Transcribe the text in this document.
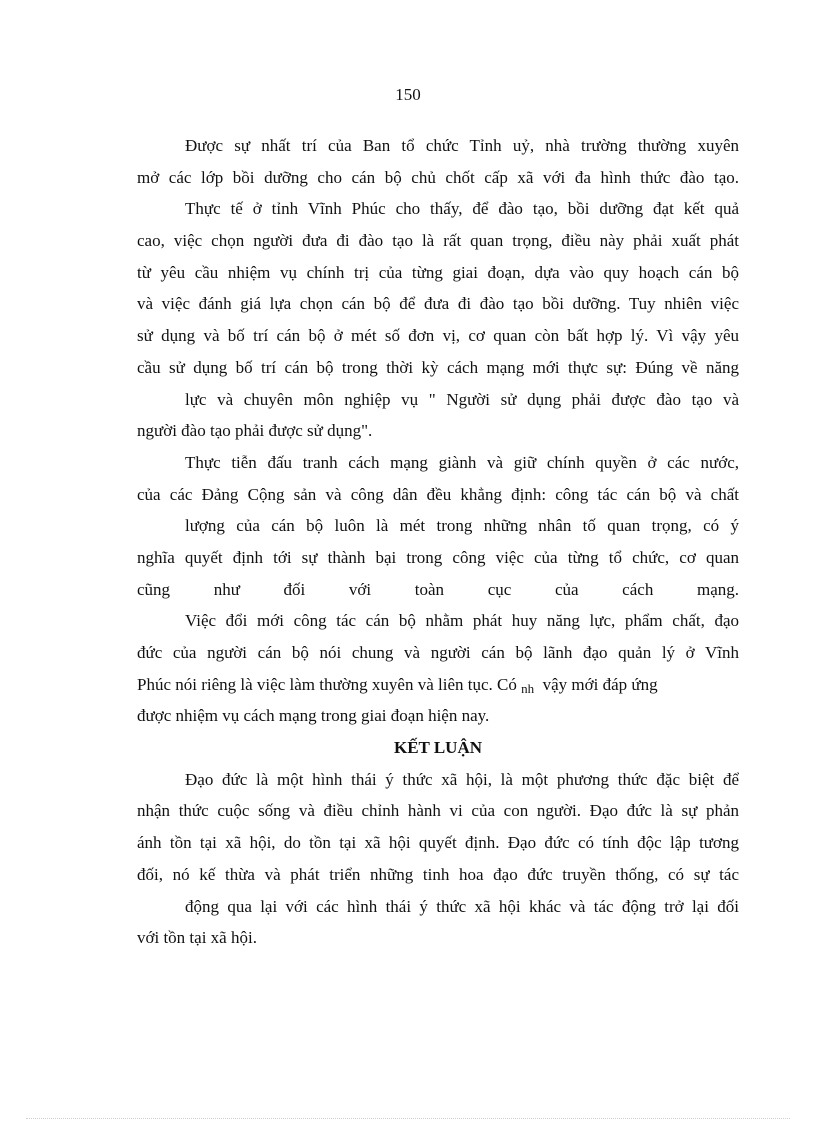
150
Được sự nhất trí của Ban tổ chức Tỉnh uỷ, nhà trường thường xuyên
mở các lớp bồi dưỡng cho cán bộ chủ chốt cấp xã với đa hình thức đào tạo.
Thực tế ở tỉnh Vĩnh Phúc cho thấy, để đào tạo, bồi dưỡng đạt kết quả
cao, việc chọn người đưa đi đào tạo là rất quan trọng, điều này phải xuất phát
từ yêu cầu nhiệm vụ chính trị của từng giai đoạn, dựa vào quy hoạch cán bộ
và việc đánh giá lựa chọn cán bộ để đưa đi đào tạo bồi dưỡng. Tuy nhiên việc
sử dụng và bố trí cán bộ ở mét số đơn vị, cơ quan còn bất hợp lý. Vì vậy yêu
cầu sử dụng bố trí cán bộ trong thời kỳ cách mạng mới thực sự: Đúng về năng
lực và chuyên môn nghiệp vụ " Người sử dụng phải được đào tạo và
người đào tạo phải được sử dụng".
Thực tiễn đấu tranh cách mạng giành và giữ chính quyền ở các nước,
của các Đảng Cộng sản và công dân đều khẳng định: công tác cán bộ và chất
lượng của cán bộ luôn là mét trong những nhân tố quan trọng, có ý
nghĩa quyết định tới sự thành bại trong công việc của từng tổ chức, cơ quan
cũng như đối với toàn cục của cách mạng.
Việc đổi mới công tác cán bộ nhằm phát huy năng lực, phẩm chất, đạo
đức của người cán bộ nói chung và người cán bộ lãnh đạo quản lý ở Vĩnh
Phúc nói riêng là việc làm thường xuyên và liên tục. Có nh vậy mới đáp ứng
được nhiệm vụ cách mạng trong giai đoạn hiện nay.
KẾT LUẬN
Đạo đức là một hình thái ý thức xã hội, là một phương thức đặc biệt để
nhận thức cuộc sống và điều chỉnh hành vi của con người. Đạo đức là sự phản
ánh tồn tại xã hội, do tồn tại xã hội quyết định. Đạo đức có tính độc lập tương
đối, nó kế thừa và phát triển những tinh hoa đạo đức truyền thống, có sự tác
động qua lại với các hình thái ý thức xã hội khác và tác động trở lại đối
với tồn tại xã hội.
